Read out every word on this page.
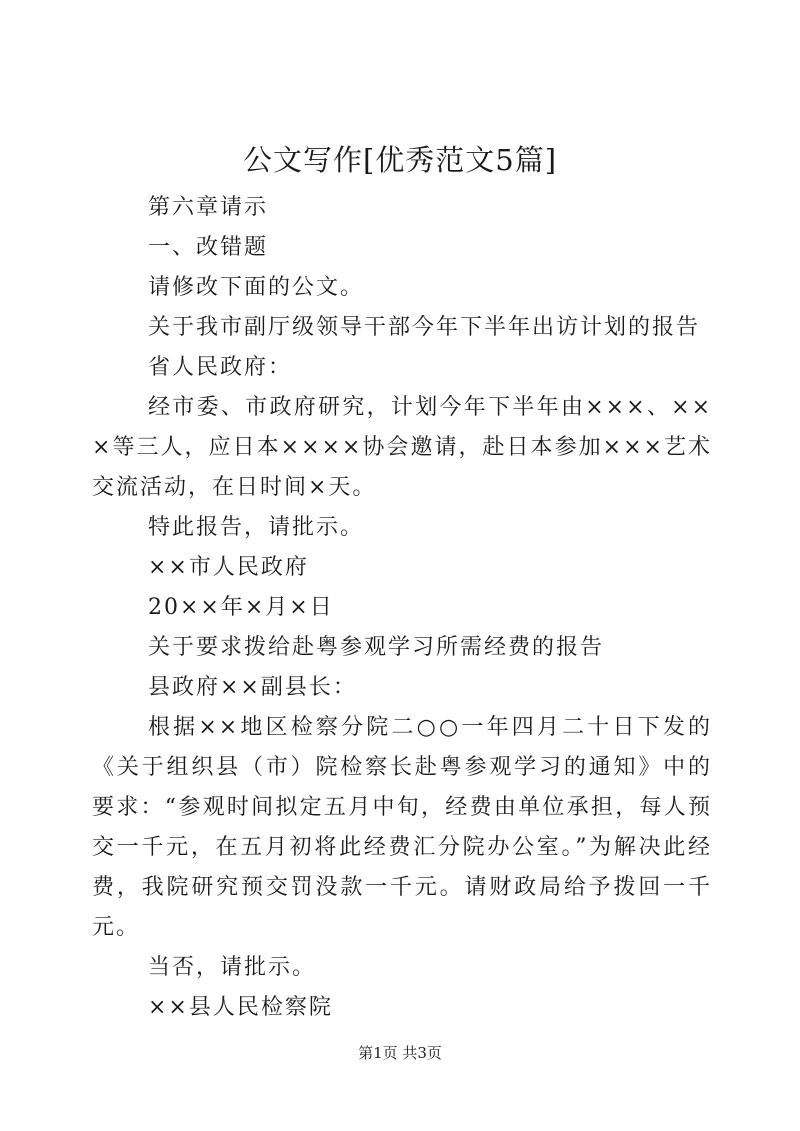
公文写作[优秀范文5篇]

第六章请示

一、改错题

请修改下面的公文。

关于我市副厅级领导干部今年下半年出访计划的报告

省人民政府：

经市委、市政府研究，计划今年下半年由×××、×××等三人，应日本××××协会邀请，赴日本参加×××艺术交流活动，在日时间×天。

特此报告，请批示。

××市人民政府

20××年×月×日

关于要求拨给赴粤参观学习所需经费的报告

县政府××副县长：

根据××地区检察分院二○○一年四月二十日下发的《关于组织县（市）院检察长赴粤参观学习的通知》中的要求：“参观时间拟定五月中旬，经费由单位承担，每人预交一千元，在五月初将此经费汇分院办公室。”为解决此经费，我院研究预交罚没款一千元。请财政局给予拨回一千元。

当否，请批示。

××县人民检察院

第1页 共3页
